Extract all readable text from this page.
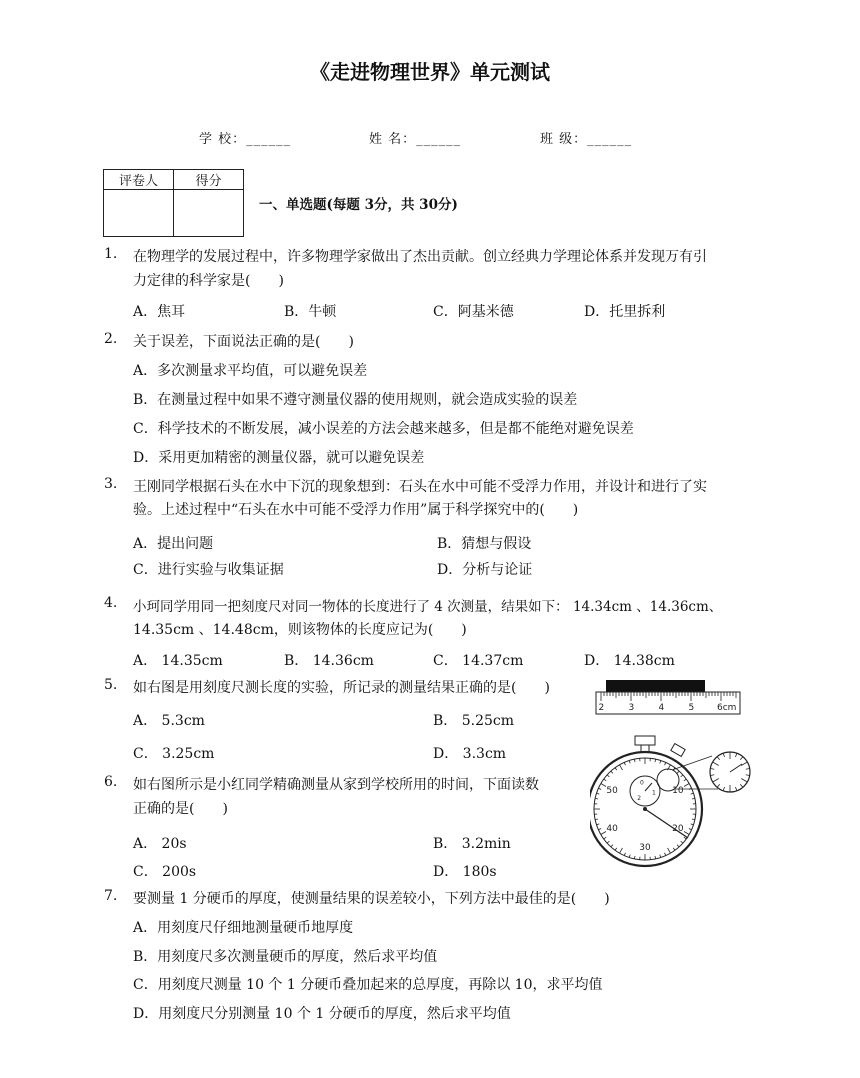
《走进物理世界》单元测试
学 校：______	姓 名：______	班 级：______
评卷人	得分

一、单选题(每题 3分，共 30分)
1. 在物理学的发展过程中，许多物理学家做出了杰出贡献。创立经典力学理论体系并发现万有引
力定律的科学家是(　　)
A．焦耳	B．牛顿	C．阿基米德	D．托里拆利
2. 关于误差，下面说法正确的是(　　)
A．多次测量求平均值，可以避免误差
B．在测量过程中如果不遵守测量仪器的使用规则，就会造成实验的误差
C．科学技术的不断发展，减小误差的方法会越来越多，但是都不能绝对避免误差
D．采用更加精密的测量仪器，就可以避免误差
3. 王刚同学根据石头在水中下沉的现象想到：石头在水中可能不受浮力作用，并设计和进行了实
验。上述过程中“石头在水中可能不受浮力作用”属于科学探究中的(　　)
A．提出问题	B．猜想与假设
C．进行实验与收集证据	D．分析与论证
4. 小珂同学用同一把刻度尺对同一物体的长度进行了 4 次测量，结果如下： 14.34cm 、14.36cm、
14.35cm 、14.48cm，则该物体的长度应记为(　　)
A． 14.35cm	B． 14.36cm	C． 14.37cm	D． 14.38cm
5. 如右图是用刻度尺测长度的实验，所记录的测量结果正确的是(　　)
A． 5.3cm	B． 5.25cm
C． 3.25cm	D． 3.3cm
6. 如右图所示是小红同学精确测量从家到学校所用的时间，下面读数
正确的是(　　)
A． 20s	B． 3.2min
C． 200s	D． 180s
7. 要测量 1 分硬币的厚度，使测量结果的误差较小，下列方法中最佳的是(　　)
A．用刻度尺仔细地测量硬币地厚度
B．用刻度尺多次测量硬币的厚度，然后求平均值
C．用刻度尺测量 10 个 1 分硬币叠加起来的总厚度，再除以 10，求平均值
D．用刻度尺分别测量 10 个 1 分硬币的厚度，然后求平均值
2	3	4	5	6cm
50	10
20
30
40
0
1
2
